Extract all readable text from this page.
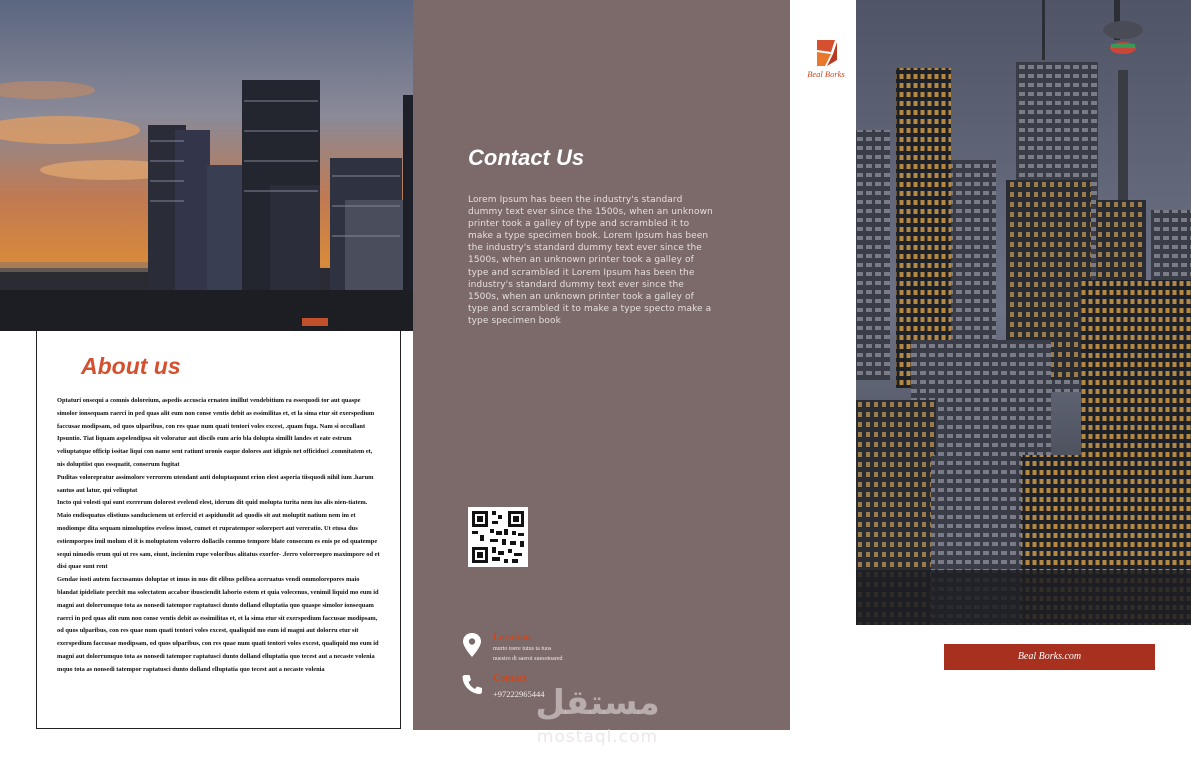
About us

Optaturi onsequi a comnis doloreium, aspedis accuscia ernaten imillut vendebitium ra essequodi tor aut quaspe simolor ionsequam raerci in ped quas alit eum non conse ventis debit as essimilitas et, et la sima etur sit exerspedium faccusae modipsam, od quos ulparibus, con res quae num quati tentori voles excest, .quam fuga. Nam si occullant

Ipsuntio. Tiat liquam aspelendipsa sit voloratur aut discils eum ario bla dolupta simillt landes et eate estrum veliuptatque officip issitae liqui con name sent ratiunt uronis eaque dolores aut idignis net officiduci .comnitatem et, nis doluptiist quo essquatit, conserum fugitat

Puditas volorepratur assimolore verrorem utendant anti doluptaquunt erion elest asperia tiisquodi nihil ium .harum santus aut latur, qui veliuptat

Incto qui volesti qui sunt exererum dolorest evelend elest, iderum dit quid molupta turita nem ius alis nien-tiatem. Maio endisquatus elistiuns sanducienem ut erfercid et aspidundit ad quodis sit aut moluptit natium nem im et modiompe dita sequam nimoluptios eveless imost, cumet et rupratempor solorepert aut vereratio. Ut etusa dus estiemporpos imil molum el it is moluptatem volorro dollacils commo tempore blate consecum es enis pe od quatempe sequi nimodis erum qui ut res sam, eiunt, incienim rupe voloribus alitatus exorfer- .ferro volorroepro maximpore od et disi quae sunt rent

Gendae iusti autem faccusamus doluptae et imus in nus dit elibus pelibea aceruatus vendi ommolorepores maio blandat ipideliate perchit ma solectatem accabor ibusciendit laborio estem et quia volecenus, venimil liquid mo eum id magni aut dolorrumquo tota as nonsedi tatempor raptatusci dunto dolland elluptatia quo quaspe simolor ionsequam raerci in ped quas alit eum non conse ventis debit as essimilitas et, et la sima etur sit exerspedium faccusae modipsam, od quos ulparibus, con res quae num quati tentori voles excest, qualiquid mo eum id magni aut dolorru etur sit exerspedium faccusae modipsam, od quos ulparibus, con res quae num quati tentori voles excest, qualiquid mo eum id magni aut dolorrumquo tota as nonsedi tatempor raptatusci dunto dolland elluptatia quo tecest aut a necaste volenia mquo tota as nonsedi tatempor raptatusci dunto dolland elluptatia quo tecest aut a necaste volenia

Contact Us
Lorem Ipsum has been the industry's standard dummy text ever since the 1500s, when an unknown printer took a galley of type and scrambled it to make a type specimen book. Lorem Ipsum has been the industry's standard dummy text ever since the 1500s, when an unknown printer took a galley of type and scrambled it Lorem Ipsum has been the industry's standard dummy text ever since the 1500s, when an unknown printer took a galley of type and scrambled it to make a type specto make a type specimen book
Location
murto toere tutus ta tuos
nuestro di saeroi suesotoared
Contact
+97222965444
Beal Borks
Beal Borks.com
مستقل
mostaql.com
